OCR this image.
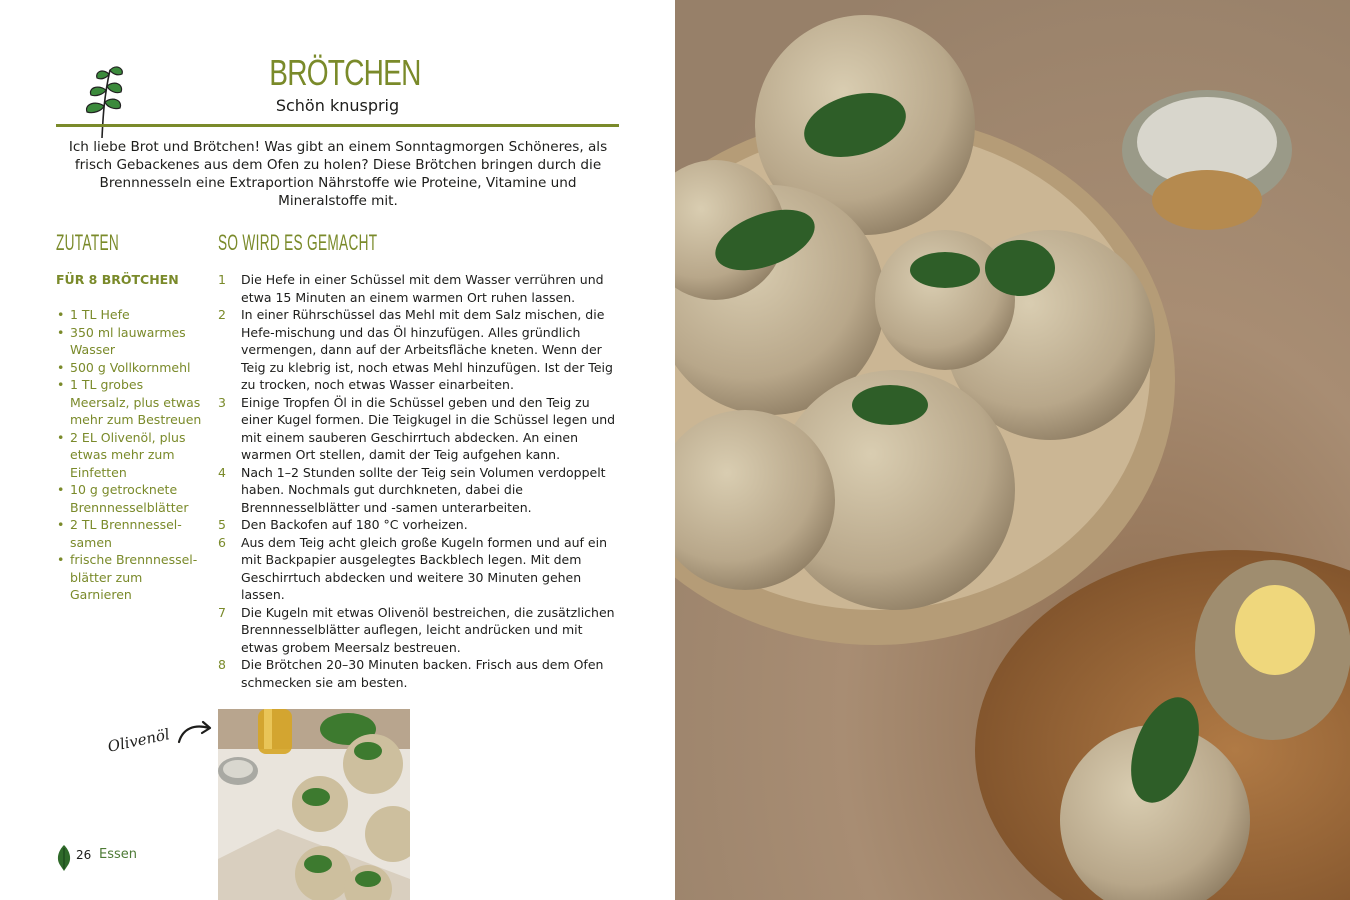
BRÖTCHEN
Schön knusprig
Ich liebe Brot und Brötchen! Was gibt an einem Sonntagmorgen Schöneres, als frisch Gebackenes aus dem Ofen zu holen? Diese Brötchen bringen durch die Brennnesseln eine Extraportion Nährstoffe wie Proteine, Vitamine und Mineralstoffe mit.
ZUTATEN	SO WIRD ES GEMACHT
FÜR 8 BRÖTCHEN
• 1 TL Hefe
• 350 ml lauwarmes Wasser
• 500 g Vollkornmehl
• 1 TL grobes Meersalz, plus etwas mehr zum Bestreuen
• 2 EL Olivenöl, plus etwas mehr zum Einfetten
• 10 g getrocknete Brennnesselblätter
• 2 TL Brennnessel-samen
• frische Brennnessel-blätter zum Garnieren
1 Die Hefe in einer Schüssel mit dem Wasser verrühren und etwa 15 Minuten an einem warmen Ort ruhen lassen.
2 In einer Rührschüssel das Mehl mit dem Salz mischen, die Hefe-mischung und das Öl hinzufügen. Alles gründlich vermengen, dann auf der Arbeitsfläche kneten. Wenn der Teig zu klebrig ist, noch etwas Mehl hinzufügen. Ist der Teig zu trocken, noch etwas Wasser einarbeiten.
3 Einige Tropfen Öl in die Schüssel geben und den Teig zu einer Kugel formen. Die Teigkugel in die Schüssel legen und mit einem sauberen Geschirrtuch abdecken. An einen warmen Ort stellen, damit der Teig aufgehen kann.
4 Nach 1–2 Stunden sollte der Teig sein Volumen verdoppelt haben. Nochmals gut durchkneten, dabei die Brennnesselblätter und -samen unterarbeiten.
5 Den Backofen auf 180 °C vorheizen.
6 Aus dem Teig acht gleich große Kugeln formen und auf ein mit Backpapier ausgelegtes Backblech legen. Mit dem Geschirrtuch abdecken und weitere 30 Minuten gehen lassen.
7 Die Kugeln mit etwas Olivenöl bestreichen, die zusätzlichen Brennnesselblätter auflegen, leicht andrücken und mit etwas grobem Meersalz bestreuen.
8 Die Brötchen 20–30 Minuten backen. Frisch aus dem Ofen schmecken sie am besten.
Olivenöl
26 Essen
